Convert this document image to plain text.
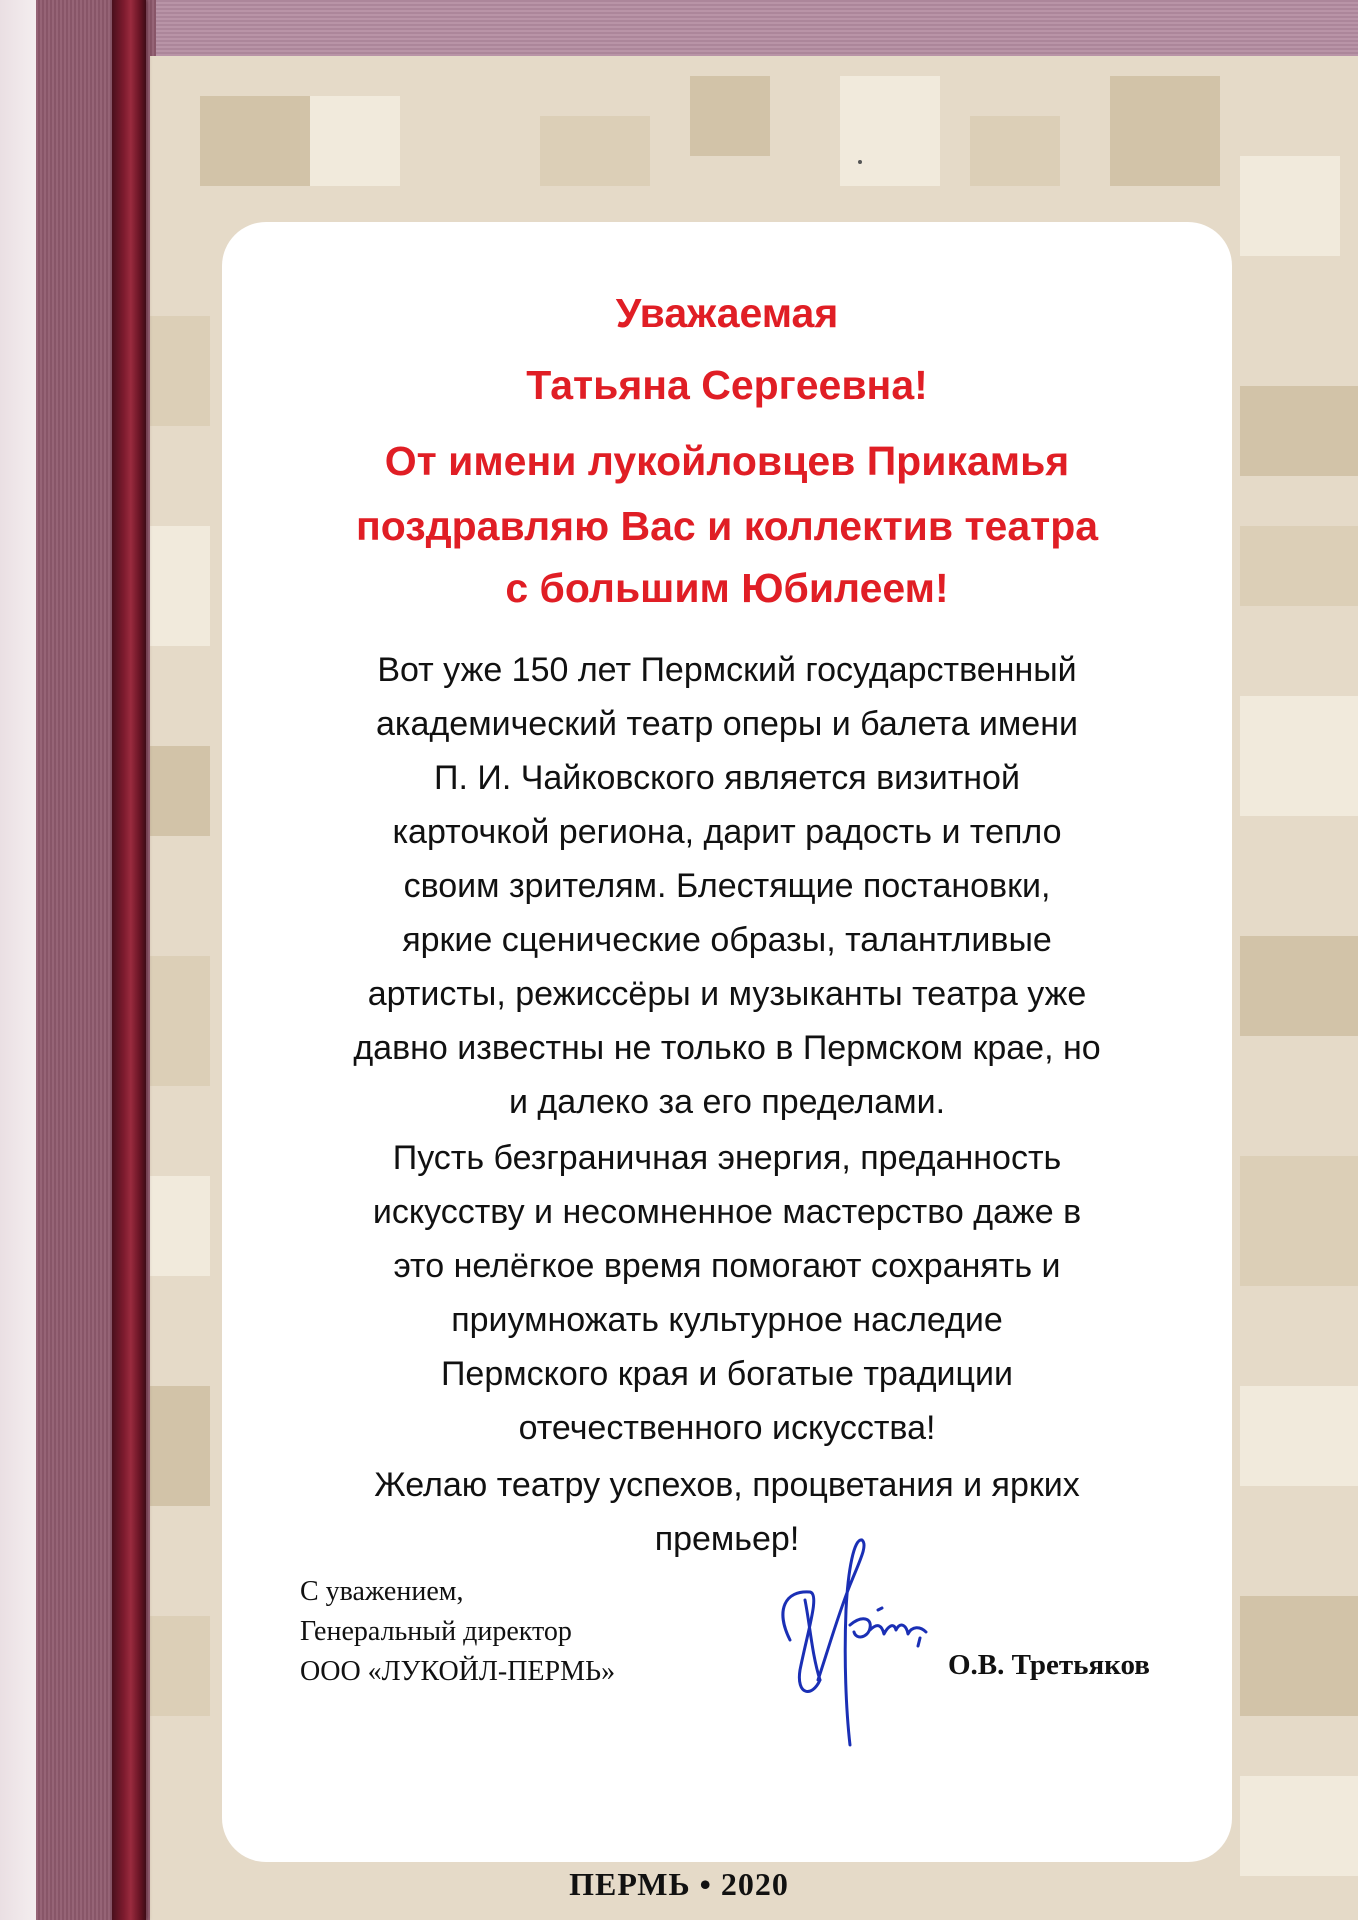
Уважаемая
Татьяна Сергеевна!
От имени лукойловцев Прикамья
поздравляю Вас и коллектив театра
с большим Юбилеем!
Вот уже 150 лет Пермский государственный
академический театр оперы и балета имени
П. И. Чайковского является визитной
карточкой региона, дарит радость и тепло
своим зрителям. Блестящие постановки,
яркие сценические образы, талантливые
артисты, режиссёры и музыканты театра уже
давно известны не только в Пермском крае, но
и далеко за его пределами.
Пусть безграничная энергия, преданность
искусству и несомненное мастерство даже в
это нелёгкое время помогают сохранять и
приумножать культурное наследие
Пермского края и богатые традиции
отечественного искусства!
Желаю театру успехов, процветания и ярких
премьер!
С уважением,
Генеральный директор
ООО «ЛУКОЙЛ-ПЕРМЬ»	О.В. Третьяков
ПЕРМЬ • 2020
